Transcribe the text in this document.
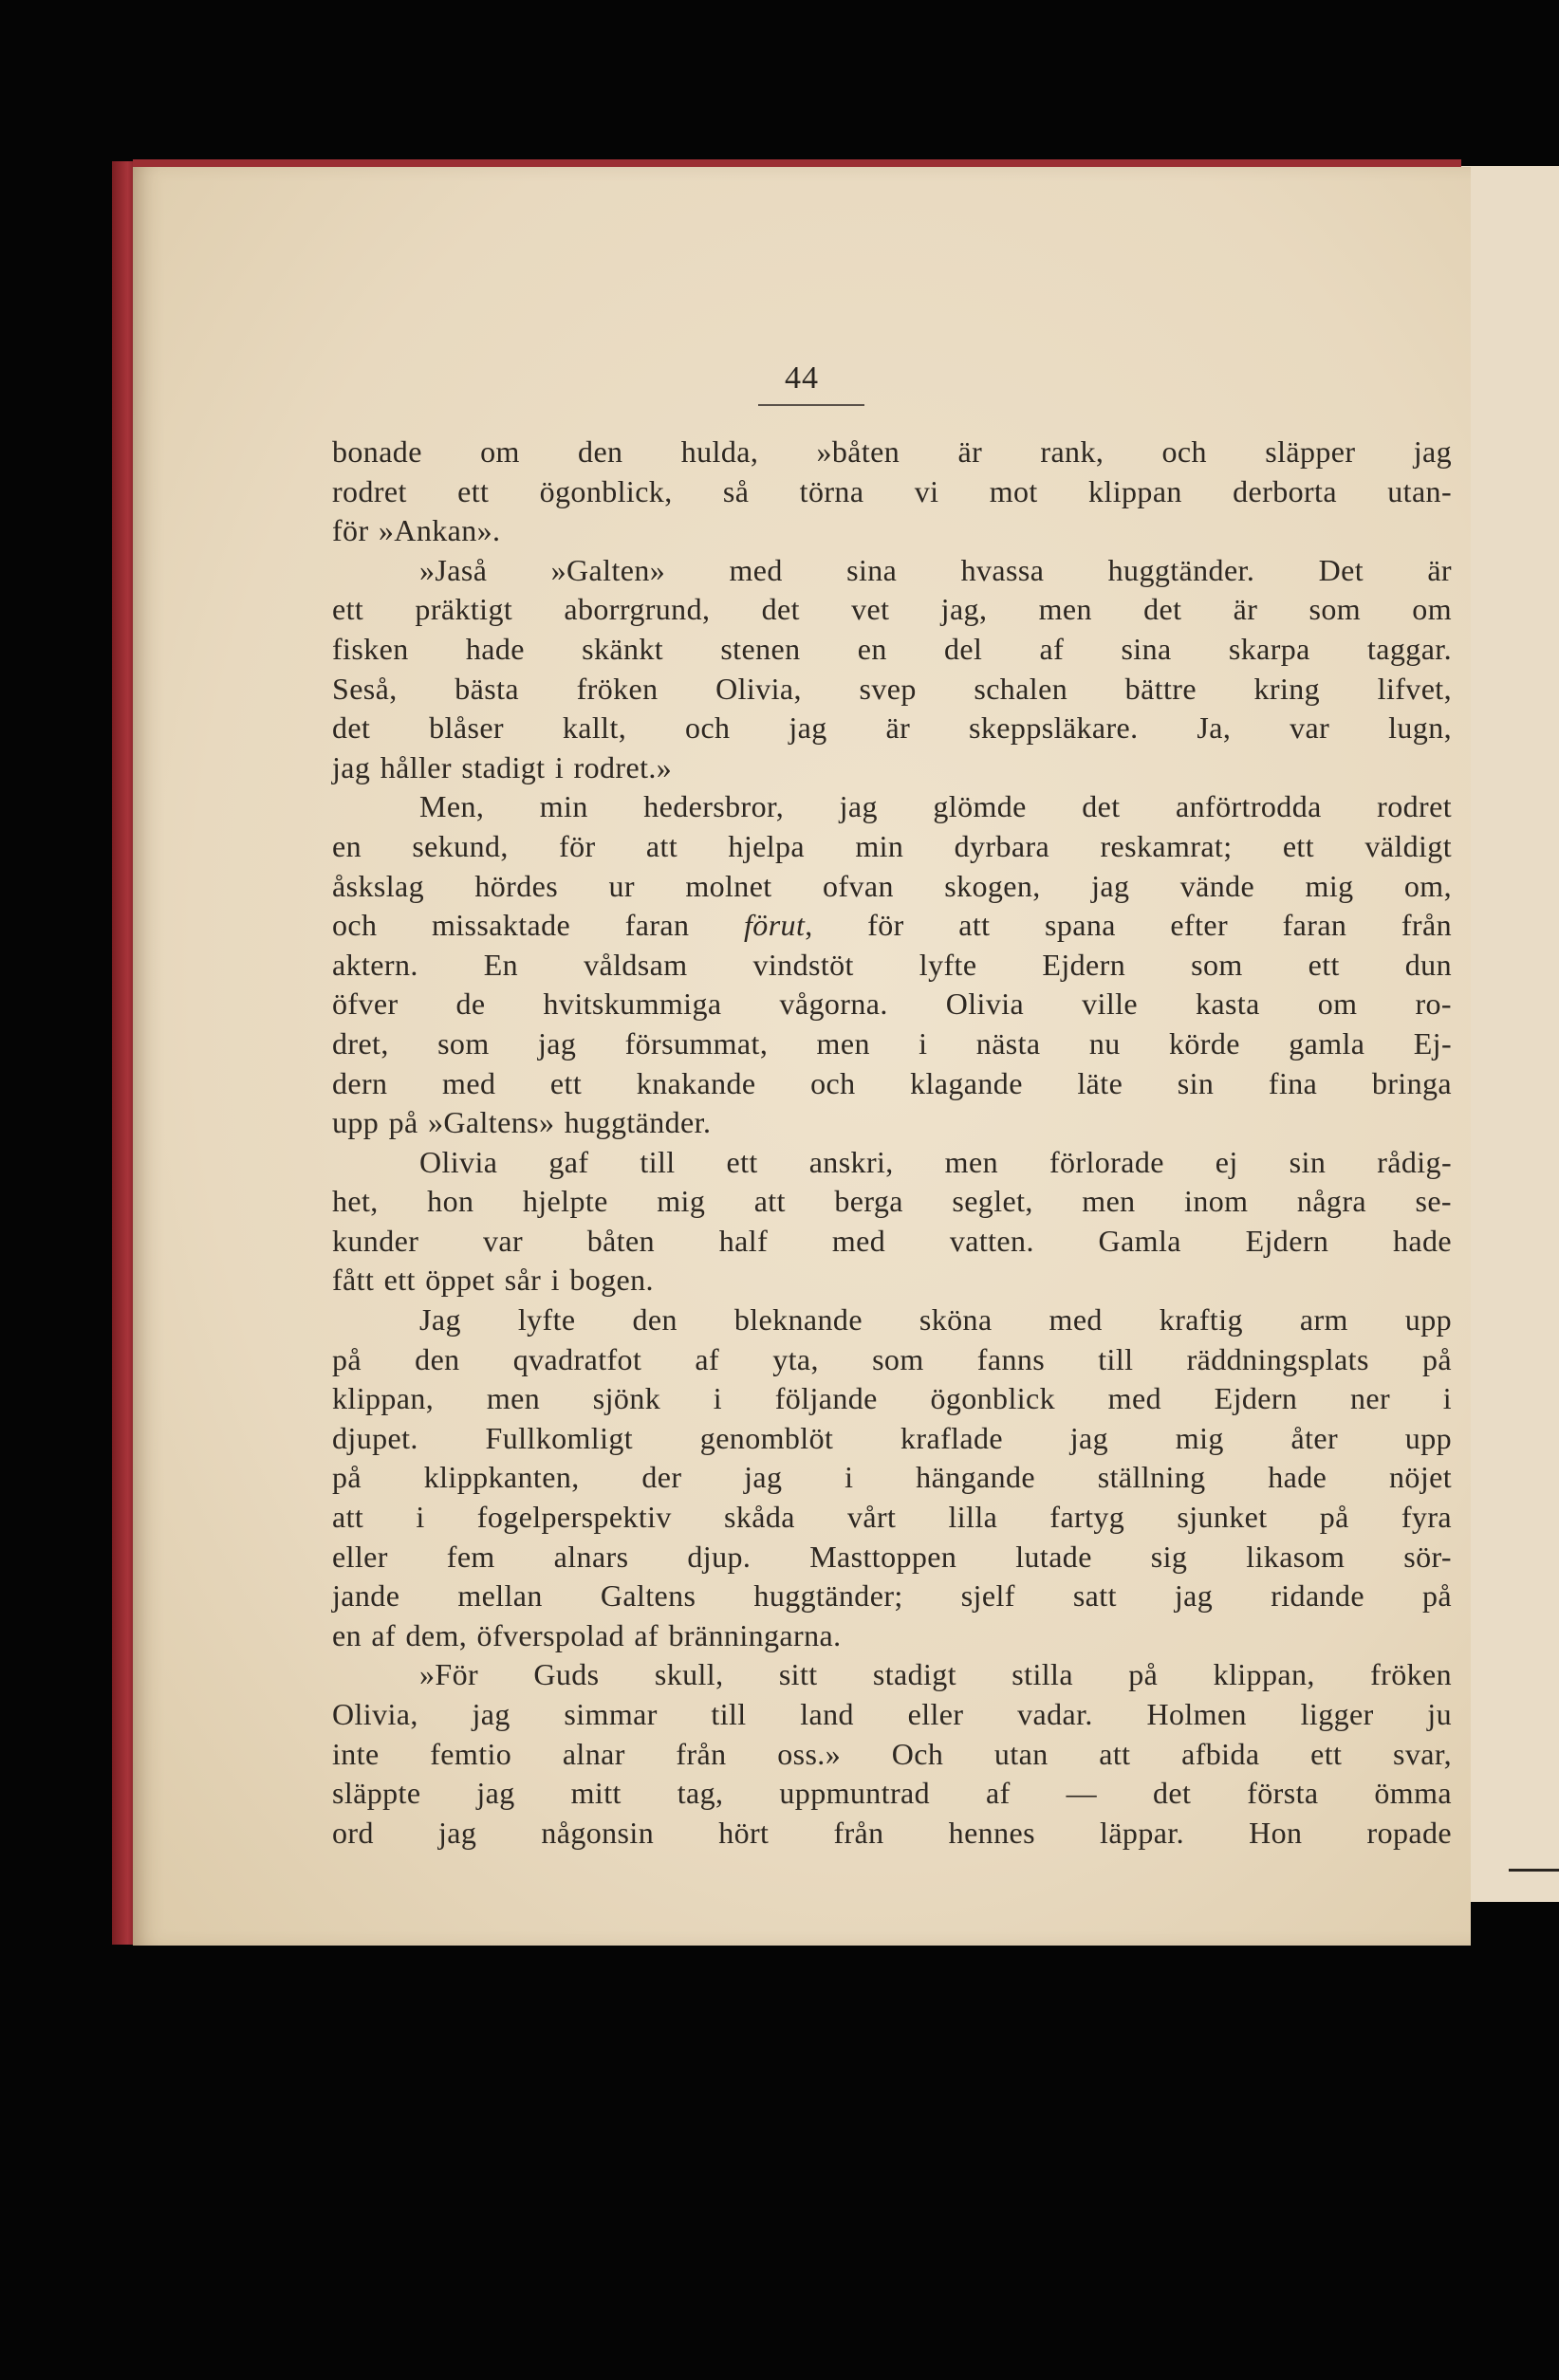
44
bonade om den hulda, »båten är rank, och släpper jag
rodret ett ögonblick, så törna vi mot klippan derborta utan-
för »Ankan».
»Jaså »Galten» med sina hvassa huggtänder. Det är
ett präktigt aborrgrund, det vet jag, men det är som om
fisken hade skänkt stenen en del af sina skarpa taggar.
Seså, bästa fröken Olivia, svep schalen bättre kring lifvet,
det blåser kallt, och jag är skeppsläkare. Ja, var lugn,
jag håller stadigt i rodret.»
Men, min hedersbror, jag glömde det anförtrodda rodret
en sekund, för att hjelpa min dyrbara reskamrat; ett väldigt
åskslag hördes ur molnet ofvan skogen, jag vände mig om,
och missaktade faran förut, för att spana efter faran från
aktern. En våldsam vindstöt lyfte Ejdern som ett dun
öfver de hvitskummiga vågorna. Olivia ville kasta om ro-
dret, som jag försummat, men i nästa nu körde gamla Ej-
dern med ett knakande och klagande läte sin fina bringa
upp på »Galtens» huggtänder.
Olivia gaf till ett anskri, men förlorade ej sin rådig-
het, hon hjelpte mig att berga seglet, men inom några se-
kunder var båten half med vatten. Gamla Ejdern hade
fått ett öppet sår i bogen.
Jag lyfte den bleknande sköna med kraftig arm upp
på den qvadratfot af yta, som fanns till räddningsplats på
klippan, men sjönk i följande ögonblick med Ejdern ner i
djupet. Fullkomligt genomblöt kraflade jag mig åter upp
på klippkanten, der jag i hängande ställning hade nöjet
att i fogelperspektiv skåda vårt lilla fartyg sjunket på fyra
eller fem alnars djup. Masttoppen lutade sig likasom sör-
jande mellan Galtens huggtänder; sjelf satt jag ridande på
en af dem, öfverspolad af bränningarna.
»För Guds skull, sitt stadigt stilla på klippan, fröken
Olivia, jag simmar till land eller vadar. Holmen ligger ju
inte femtio alnar från oss.» Och utan att afbida ett svar,
släppte jag mitt tag, uppmuntrad af — det första ömma
ord jag någonsin hört från hennes läppar. Hon ropade
